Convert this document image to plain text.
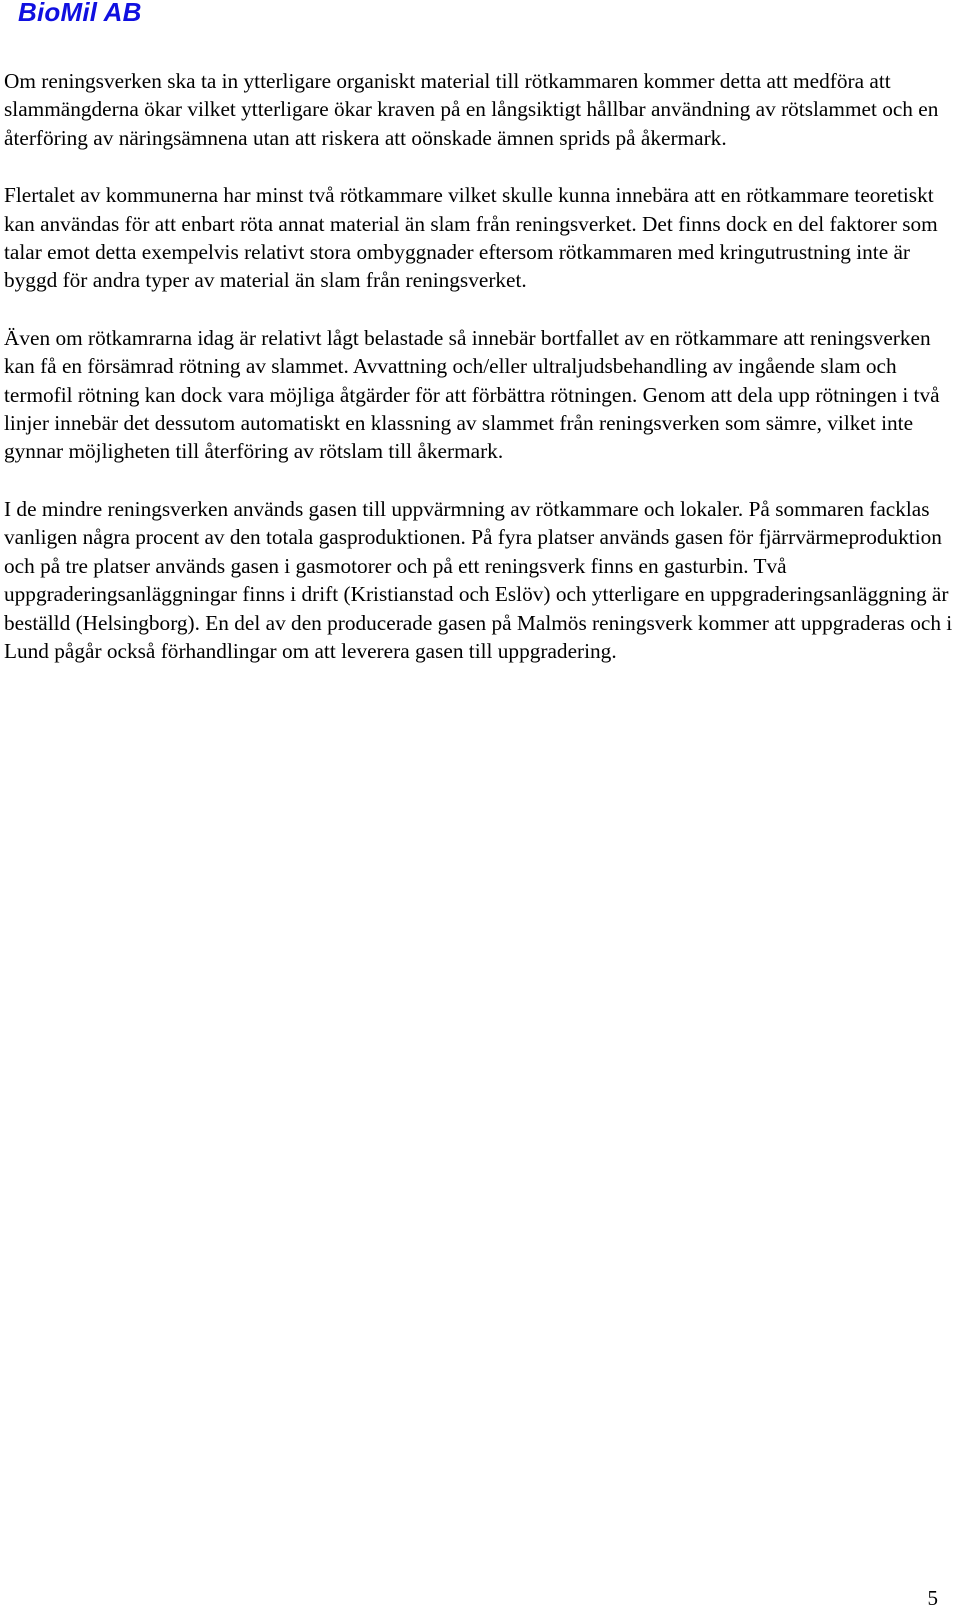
BioMil AB

Om reningsverken ska ta in ytterligare organiskt material till rötkammaren kommer detta att medföra att slammängderna ökar vilket ytterligare ökar kraven på en långsiktigt hållbar användning av rötslammet och en återföring av näringsämnena utan att riskera att oönskade ämnen sprids på åkermark.

Flertalet av kommunerna har minst två rötkammare vilket skulle kunna innebära att en rötkammare teoretiskt kan användas för att enbart röta annat material än slam från reningsverket. Det finns dock en del faktorer som talar emot detta exempelvis relativt stora ombyggnader eftersom rötkammaren med kringutrustning inte är byggd för andra typer av material än slam från reningsverket.

Även om rötkamrarna idag är relativt lågt belastade så innebär bortfallet av en rötkammare att reningsverken kan få en försämrad rötning av slammet. Avvattning och/eller ultraljudsbehandling av ingående slam och termofil rötning kan dock vara möjliga åtgärder för att förbättra rötningen. Genom att dela upp rötningen i två linjer innebär det dessutom automatiskt en klassning av slammet från reningsverken som sämre, vilket inte gynnar möjligheten till återföring av rötslam till åkermark.

I de mindre reningsverken används gasen till uppvärmning av rötkammare och lokaler. På sommaren facklas vanligen några procent av den totala gasproduktionen. På fyra platser används gasen för fjärrvärmeproduktion och på tre platser används gasen i gasmotorer och på ett reningsverk finns en gasturbin. Två uppgraderingsanläggningar finns i drift (Kristianstad och Eslöv) och ytterligare en uppgraderingsanläggning är beställd (Helsingborg). En del av den producerade gasen på Malmös reningsverk kommer att uppgraderas och i Lund pågår också förhandlingar om att leverera gasen till uppgradering.

5
